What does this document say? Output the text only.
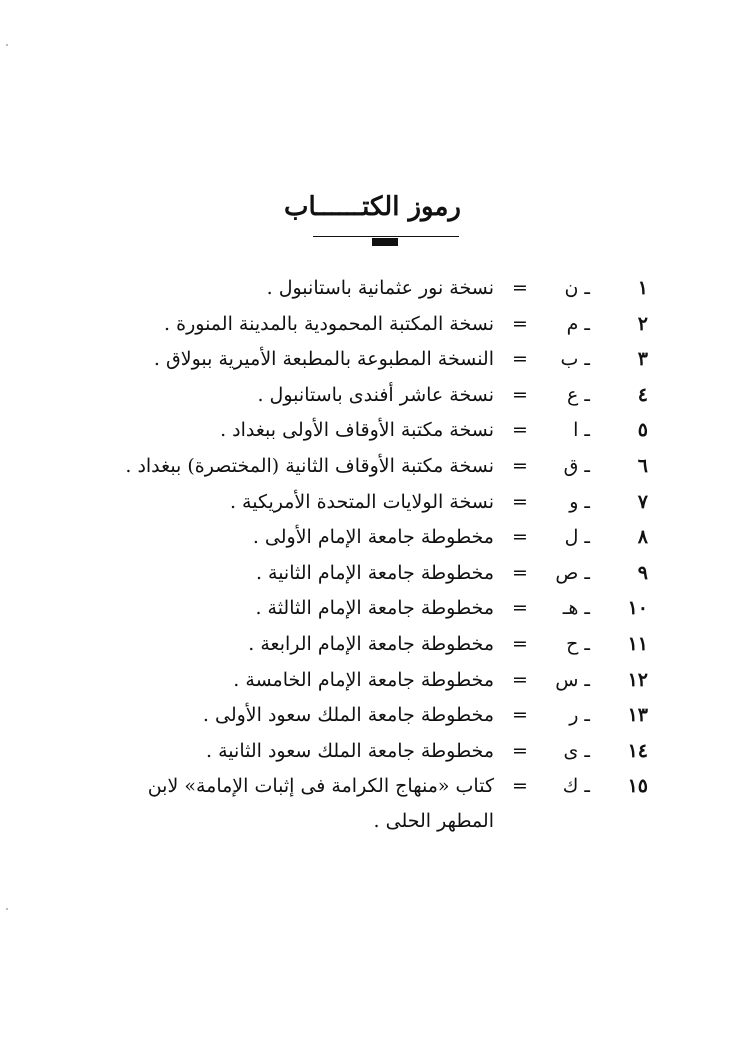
رموز الكتــــــاب
١
ـ ن
=
نسخة نور عثمانية باستانبول .
٢
ـ م
=
نسخة المكتبة المحمودية بالمدينة المنورة .
٣
ـ ب
=
النسخة المطبوعة بالمطبعة الأميرية ببولاق .
٤
ـ ع
=
نسخة عاشر أفندى باستانبول .
٥
ـ ا
=
نسخة مكتبة الأوقاف الأولى ببغداد .
٦
ـ ق
=
نسخة مكتبة الأوقاف الثانية (المختصرة) ببغداد .
٧
ـ و
=
نسخة الولايات المتحدة الأمريكية .
٨
ـ ل
=
مخطوطة جامعة الإمام الأولى .
٩
ـ ص
=
مخطوطة جامعة الإمام الثانية .
١٠
ـ هـ
=
مخطوطة جامعة الإمام الثالثة .
١١
ـ ح
=
مخطوطة جامعة الإمام الرابعة .
١٢
ـ س
=
مخطوطة جامعة الإمام الخامسة .
١٣
ـ ر
=
مخطوطة جامعة الملك سعود الأولى .
١٤
ـ ى
=
مخطوطة جامعة الملك سعود الثانية .
١٥
ـ ك
=
كتاب «منهاج الكرامة فى إثبات الإمامة» لابن المطهر الحلى .
